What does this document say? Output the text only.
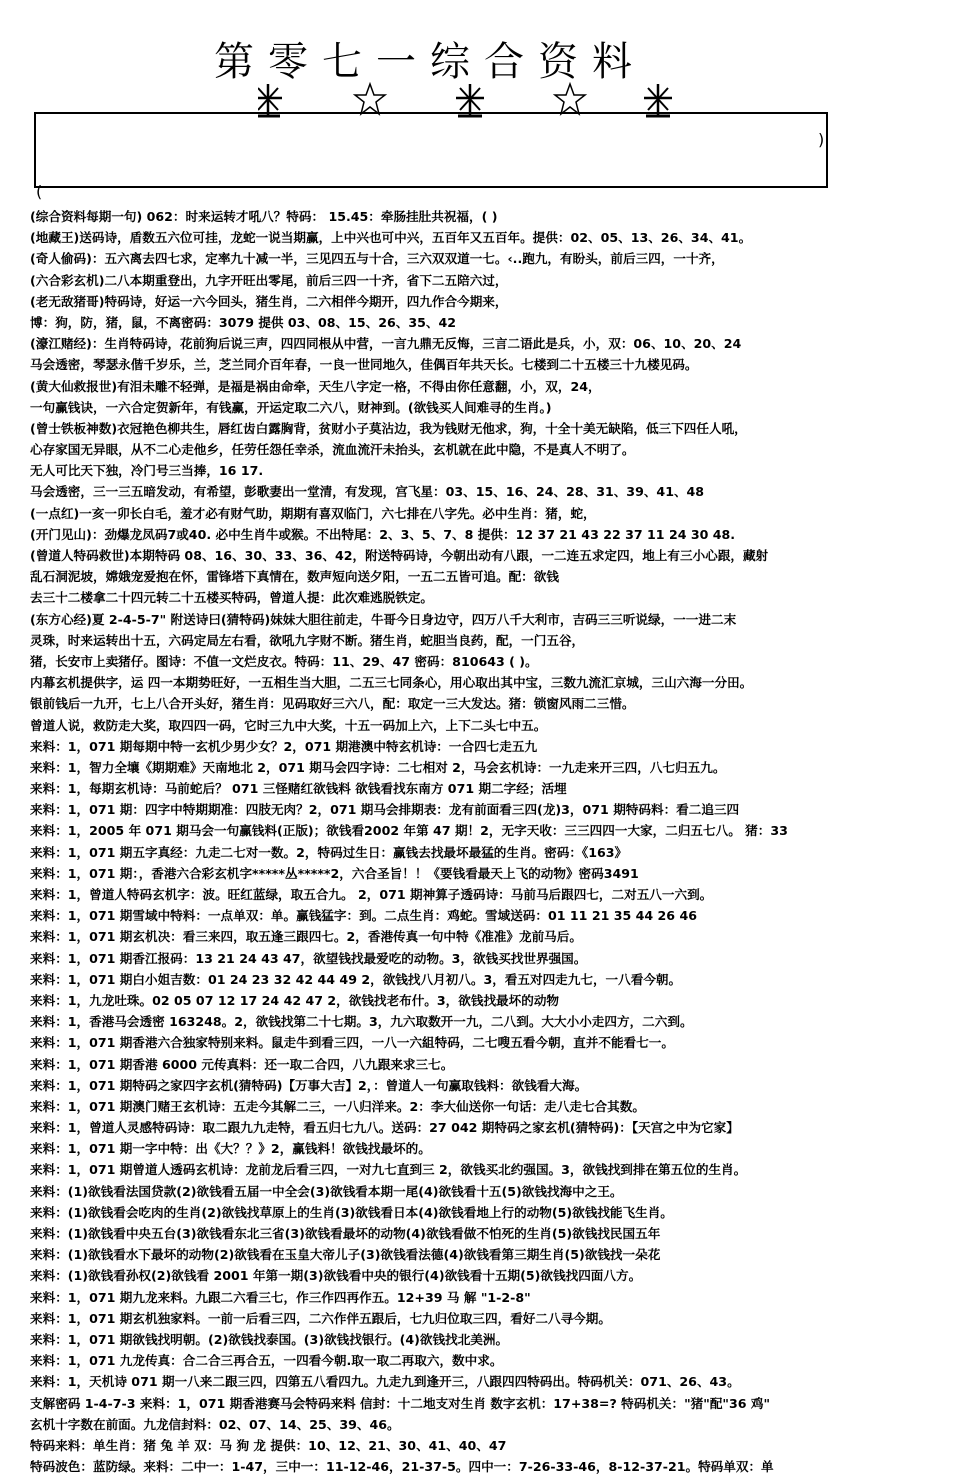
第零七一综合资料
)
(
(综合资料每期一句) 062：时来运转才吼八？特码： 15.45：牵肠挂肚共祝福，( )
(地藏王)送码诗，盾数五六位可挂，龙蛇一说当期赢，上中兴也可中兴，五百年又五百年。提供：02、05、13、26、34、41。
(奇人偷码)：五六离去四七求，定率九十减一半，三见四五与十合，三六双双道一七。‹..跑九，有盼头，前后三四，一十齐，
(六合彩玄机)二八本期重登出，九字开旺出零尾，前后三四一十齐，省下二五陪六过，
(老无敌猪哥)特码诗，好运一六今回头，猪生肖，二六相伴今期开，四九作合今期来，
博：狗，防，猪，鼠，不离密码：3079 提供 03、08、15、26、35、42
(濠江赌经)：生肖特码诗，花前狗后说三声，四四同根从中营，一言九鼎无反悔，三言二语此是兵，小，双：06、10、20、24
马会透密，琴瑟永偕千岁乐，兰，芝兰同介百年春，一良一世同地久，佳偶百年共天长。七楼到二十五楼三十九楼见码。
(黄大仙救报世)有泪未雕不轻弹，是福是祸由命牵，天生八字定一格，不得由你任意翻，小，双，24，
一句赢钱诀，一六合定贺新年，有钱赢，开运定取二六八，财神到。(欲钱买人间难寻的生肖。)
(曾士铁板神数)衣冠艳色柳共生，唇红齿白露胸背，贫财小子莫沾边，我为钱财无他求，狗，十全十美无缺陷，低三下四任人吼，
心存家国无异眼，从不二心走他乡，任劳任怨任幸杀，流血流汗未抬头，玄机就在此中隐，不是真人不明了。
无人可比天下独，冷门号三当捧，16 17.
马会透密，三一三五暗发动，有希望，彭歌妻出一堂清，有发现，宫飞星：03、15、16、24、28、31、39、41、48
(一点红)一亥一卯长白毛，羞才必有财气助，期期有喜双临门，六七排在八字先。必中生肖：猪，蛇，
(开门见山)：劲爆龙凤码7或40. 必中生肖牛或猴。不出特尾：2、3、5、7、8 提供：12 37 21 43 22 37 11 24 30 48.
(曾道人特码救世)本期特码 08、16、30、33、36、42，附送特码诗，今朝出动有八跟，一二连五求定四，地上有三小心跟，藏射
乱石洞泥坡，嫦娥宠爱抱在怀，雷锋塔下真情在，数声短向送夕阳，一五二五皆可追。配：欲钱
去三十二楼拿二十四元转二十五楼买特码，曾道人提：此次难逃脱铁定。
(东方心经)夏 2-4-5-7" 附送诗曰(猜特码)妹妹大胆往前走，牛哥今日身边守，四万八千大利市，吉码三三听说绿，一一进二末
灵珠，时来运转出十五，六码定局左右看，欲吼九字财不断。猪生肖，蛇胆当良药，配，一门五谷，
猪，长安市上卖猪仔。图诗：不值一文烂皮衣。特码：11、29、47 密码：810643 ( )。
内幕玄机提供字，运 四一本期势旺好，一五相生当大胆，二五三七同条心，用心取出其中宝，三数九流汇京城，三山六海一分田。
银前钱后一九开，七上八合开头好，猪生肖：见码取好三六八，配：取定一三大发达。猪：锁窗风雨二三惜。
曾道人说，救防走大奖，取四四一码，它时三九中大奖，十五一码加上六，上下二头七中五。
来料：1，071 期每期中特一玄机少男少女？2，071 期港澳中特玄机诗：一合四七走五九
来料：1，智力全壤《期期难》天南地北 2，071 期马会四字诗：二七相对 2，马会玄机诗：一九走来开三四，八七归五九。
来料：1，每期玄机诗：马前蛇后？ 071 三怪赌红欲钱料 欲钱看找东南方 071 期二字经；活埋
来料：1，071 期：四字中特期期准：四肢无肉？2，071 期马会排期表：龙有前面看三四(龙)3，071 期特码料：看二追三四
来料：1，2005 年 071 期马会一句赢钱料(正版)；欲钱看2002 年第 47 期！2，无字天收：三三四四一大家，二归五七八。 猪：33
来料：1，071 期五字真经：九走二七对一数。2，特码过生日：赢钱去找最坏最猛的生肖。密码：《163》
来料：1，071 期：，香港六合彩玄机字*****丛*****2，六合圣旨！！《要钱看最天上飞的动物》密码3491
来料：1，曾道人特码玄机字：波。旺红蓝绿，取五合九。 2，071 期神算子透码诗：马前马后跟四七，二对五八一六到。
来料：1，071 期雪域中特料：一点单双：单。赢钱猛字：到。二点生肖：鸡蛇。雪域送码：01 11 21 35 44 26 46
来料：1，071 期玄机决：看三来四，取五逢三跟四七。2，香港传真一句中特《准准》龙前马后。
来料：1，071 期香江报码：13 21 24 43 47，欲望钱找最爱吃的动物。3，欲钱买找世界强国。
来料：1，071 期白小姐吉数：01 24 23 32 42 44 49 2，欲钱找八月初八。3，看五对四走九七，一八看今朝。
来料：1，九龙吐珠。02 05 07 12 17 24 42 47 2，欲钱找老布什。3，欲钱找最坏的动物
来料：1，香港马会透密 163248。2，欲钱找第二十七期。3，九六取数开一九，二八到。大大小小走四方，二六到。
来料：1，071 期香港六合独家特别来料。鼠走牛到看三四，一八一六組特码，二七嗖五看今朝，直并不能看七一。
来料：1，071 期香港 6000 元传真料：还一取二合四，八九跟来求三七。
来料：1，071 期特码之家四字玄机(猜特码)【万事大吉】2，：曾道人一句赢取钱料：欲钱看大海。
来料：1，071 期澳门赌王玄机诗：五走今其解二三，一八归洋来。2：李大仙送你一句话：走八走七合其数。
来料：1，曾道人灵感特码诗：取二跟九九走特，看五归七九八。送码：27 042 期特码之家玄机(猜特码)：【天宫之中为它家】
来料：1，071 期一字中特：出《大？？》2，赢钱料！欲钱找最坏的。
来料：1，071 期曾道人透码玄机诗：龙前龙后看三四，一对九七直到三 2，欲钱买北约强国。3，欲钱找到排在第五位的生肖。
来料：(1)欲钱看法国贷款(2)欲钱看五届一中全会(3)欲钱看本期一尾(4)欲钱看十五(5)欲钱找海中之王。
来料：(1)欲钱看会吃肉的生肖(2)欲钱找草原上的生肖(3)欲钱看日本(4)欲钱看地上行的动物(5)欲钱找能飞生肖。
来料：(1)欲钱看中央五台(3)欲钱看东北三省(3)欲钱看最坏的动物(4)欲钱看做不怕死的生肖(5)欲钱找民国五年
来料：(1)欲钱看水下最坏的动物(2)欲钱看在玉皇大帝儿子(3)欲钱看法德(4)欲钱看第三期生肖(5)欲钱找一朵花
来料：(1)欲钱看孙权(2)欲钱看 2001 年第一期(3)欲钱看中央的银行(4)欲钱看十五期(5)欲钱找四面八方。
来料：1，071 期九龙来料。九跟二六看三七，作三作四再作五。12+39 马 解 "1-2-8"
来料：1，071 期玄机独家料。一前一后看三四，二六作伴五跟后，七九归位取三四，看好二八寻今期。
来料：1，071 期欲钱找明朝。(2)欲钱找泰国。(3)欲钱找银行。(4)欲钱找北美洲。
来料：1，071 九龙传真：合二合三再合五，一四看今朝.取一取二再取六，数中求。
来料：1，天机诗 071 期一八来二跟三四，四第五八看四九。九走九到逢开三，八跟四四特码出。特码机关：071、26、43。
支解密码 1-4-7-3 来料：1，071 期香港赛马会特码来料 信封：十二地支对生肖 数字玄机：17+38=? 特码机关："猪"配"36 鸡"
玄机十字数在前面。九龙信封料：02、07、14、25、39、46。
特码来料：单生肖：猪 兔 羊 双：马 狗 龙 提供：10、12、21、30、41、40、47
特码波色：蓝防绿。来料：二中一：1-47，三中一：11-12-46，21-37-5。四中一：7-26-33-46，8-12-37-21。特码单双：单
